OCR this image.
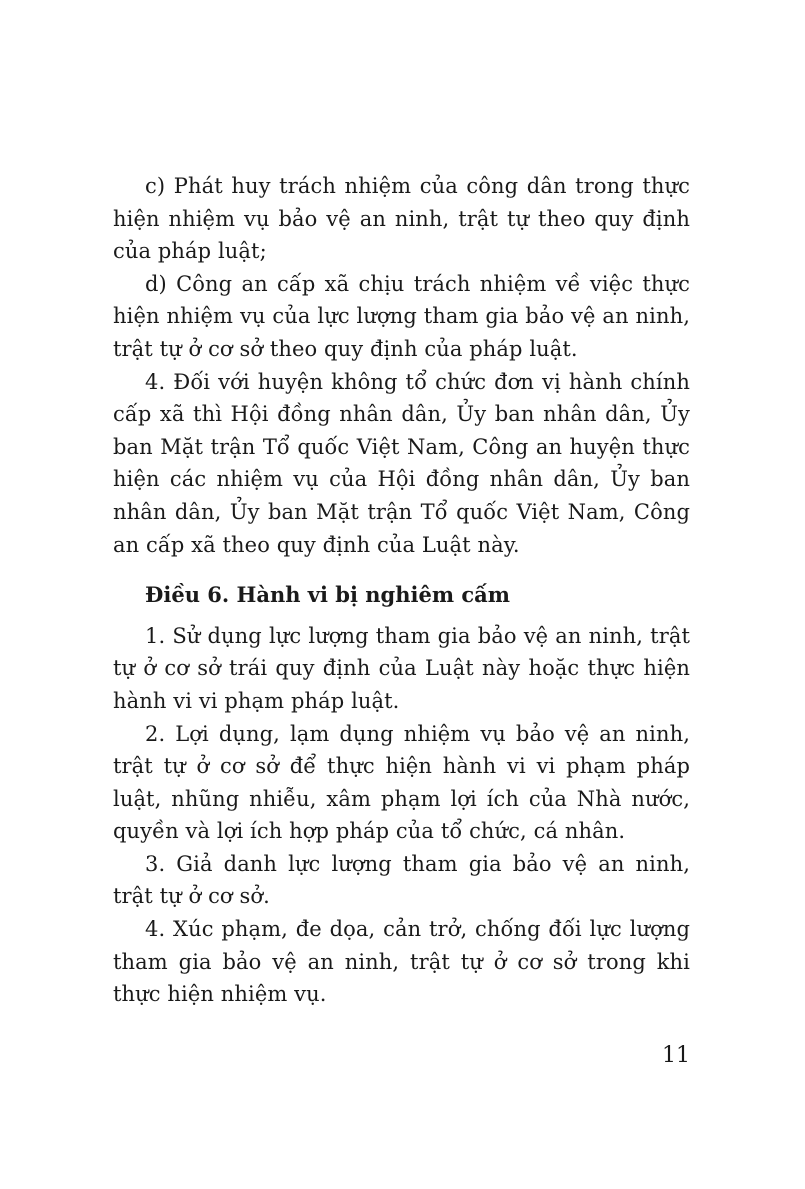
c) Phát huy trách nhiệm của công dân trong thực hiện nhiệm vụ bảo vệ an ninh, trật tự theo quy định của pháp luật;

d) Công an cấp xã chịu trách nhiệm về việc thực hiện nhiệm vụ của lực lượng tham gia bảo vệ an ninh, trật tự ở cơ sở theo quy định của pháp luật.

4. Đối với huyện không tổ chức đơn vị hành chính cấp xã thì Hội đồng nhân dân, Ủy ban nhân dân, Ủy ban Mặt trận Tổ quốc Việt Nam, Công an huyện thực hiện các nhiệm vụ của Hội đồng nhân dân, Ủy ban nhân dân, Ủy ban Mặt trận Tổ quốc Việt Nam, Công an cấp xã theo quy định của Luật này.

Điều 6. Hành vi bị nghiêm cấm

1. Sử dụng lực lượng tham gia bảo vệ an ninh, trật tự ở cơ sở trái quy định của Luật này hoặc thực hiện hành vi vi phạm pháp luật.

2. Lợi dụng, lạm dụng nhiệm vụ bảo vệ an ninh, trật tự ở cơ sở để thực hiện hành vi vi phạm pháp luật, nhũng nhiễu, xâm phạm lợi ích của Nhà nước, quyền và lợi ích hợp pháp của tổ chức, cá nhân.

3. Giả danh lực lượng tham gia bảo vệ an ninh, trật tự ở cơ sở.

4. Xúc phạm, đe dọa, cản trở, chống đối lực lượng tham gia bảo vệ an ninh, trật tự ở cơ sở trong khi thực hiện nhiệm vụ.

11
